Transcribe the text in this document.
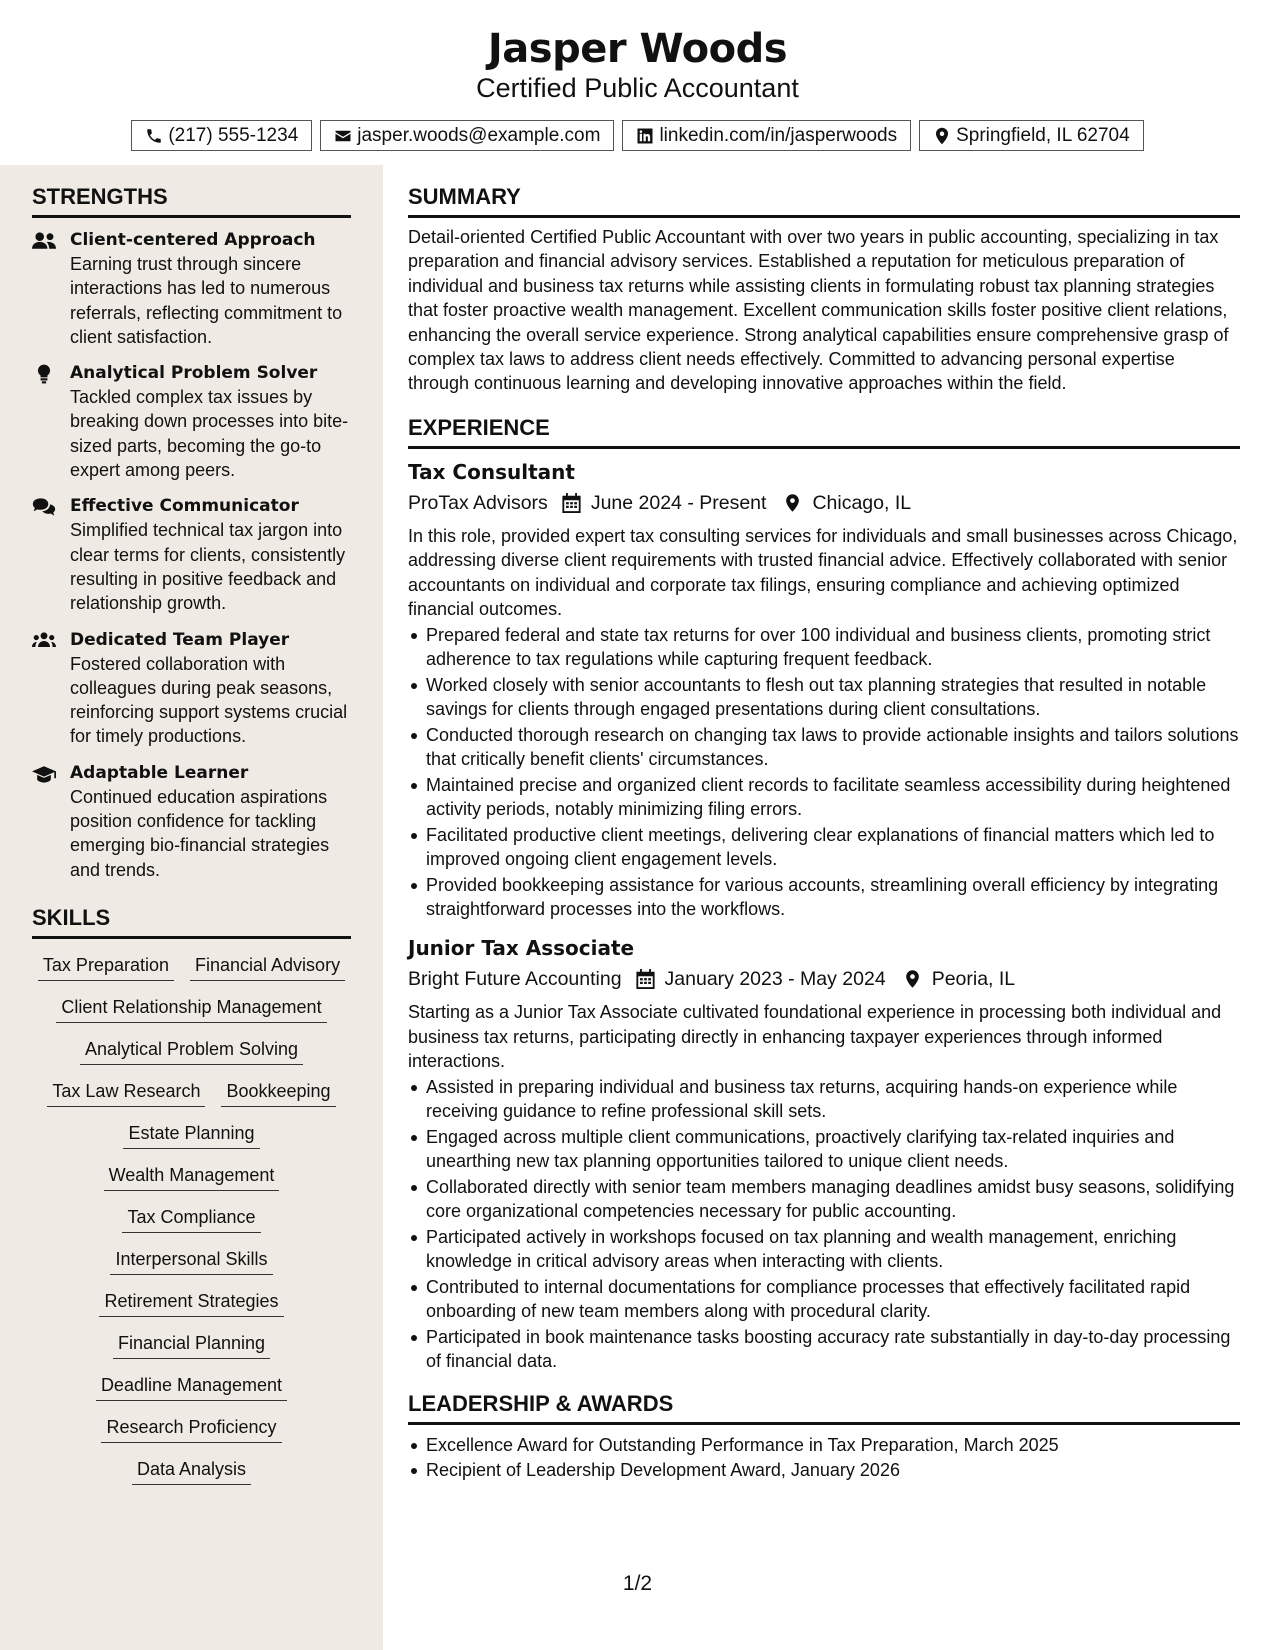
Jasper Woods
Certified Public Accountant
(217) 555-1234	jasper.woods@example.com	linkedin.com/in/jasperwoods	Springfield, IL 62704
STRENGTHS
Client-centered Approach

Earning trust through sincere interactions has led to numerous referrals, reflecting commitment to client satisfaction.

Analytical Problem Solver

Tackled complex tax issues by breaking down processes into bite-sized parts, becoming the go-to expert among peers.

Effective Communicator

Simplified technical tax jargon into clear terms for clients, consistently resulting in positive feedback and relationship growth.

Dedicated Team Player

Fostered collaboration with colleagues during peak seasons, reinforcing support systems crucial for timely productions.

Adaptable Learner

Continued education aspirations position confidence for tackling emerging bio-financial strategies and trends.

SKILLS
Tax Preparation Financial Advisory
Client Relationship Management
Analytical Problem Solving
Tax Law Research Bookkeeping
Estate Planning
Wealth Management
Tax Compliance
Interpersonal Skills
Retirement Strategies
Financial Planning
Deadline Management
Research Proficiency
Data Analysis
SUMMARY

Detail-oriented Certified Public Accountant with over two years in public accounting, specializing in tax preparation and financial advisory services. Established a reputation for meticulous preparation of individual and business tax returns while assisting clients in formulating robust tax planning strategies that foster proactive wealth management. Excellent communication skills foster positive client relations, enhancing the overall service experience. Strong analytical capabilities ensure comprehensive grasp of complex tax laws to address client needs effectively. Committed to advancing personal expertise through continuous learning and developing innovative approaches within the field.

EXPERIENCE
Tax Consultant
ProTax Advisors June 2024 - Present Chicago, IL

In this role, provided expert tax consulting services for individuals and small businesses across Chicago, addressing diverse client requirements with trusted financial advice. Effectively collaborated with senior accountants on individual and corporate tax filings, ensuring compliance and achieving optimized financial outcomes.

Prepared federal and state tax returns for over 100 individual and business clients, promoting strict adherence to tax regulations while capturing frequent feedback.
Worked closely with senior accountants to flesh out tax planning strategies that resulted in notable savings for clients through engaged presentations during client consultations.
Conducted thorough research on changing tax laws to provide actionable insights and tailors solutions that critically benefit clients' circumstances.
Maintained precise and organized client records to facilitate seamless accessibility during heightened activity periods, notably minimizing filing errors.
Facilitated productive client meetings, delivering clear explanations of financial matters which led to improved ongoing client engagement levels.
Provided bookkeeping assistance for various accounts, streamlining overall efficiency by integrating straightforward processes into the workflows.
Junior Tax Associate
Bright Future Accounting January 2023 - May 2024 Peoria, IL

Starting as a Junior Tax Associate cultivated foundational experience in processing both individual and business tax returns, participating directly in enhancing taxpayer experiences through informed interactions.

Assisted in preparing individual and business tax returns, acquiring hands-on experience while receiving guidance to refine professional skill sets.
Engaged across multiple client communications, proactively clarifying tax-related inquiries and unearthing new tax planning opportunities tailored to unique client needs.
Collaborated directly with senior team members managing deadlines amidst busy seasons, solidifying core organizational competencies necessary for public accounting.
Participated actively in workshops focused on tax planning and wealth management, enriching knowledge in critical advisory areas when interacting with clients.
Contributed to internal documentations for compliance processes that effectively facilitated rapid onboarding of new team members along with procedural clarity.
Participated in book maintenance tasks boosting accuracy rate substantially in day-to-day processing of financial data.
LEADERSHIP & AWARDS
Excellence Award for Outstanding Performance in Tax Preparation, March 2025
Recipient of Leadership Development Award, January 2026
1/2
